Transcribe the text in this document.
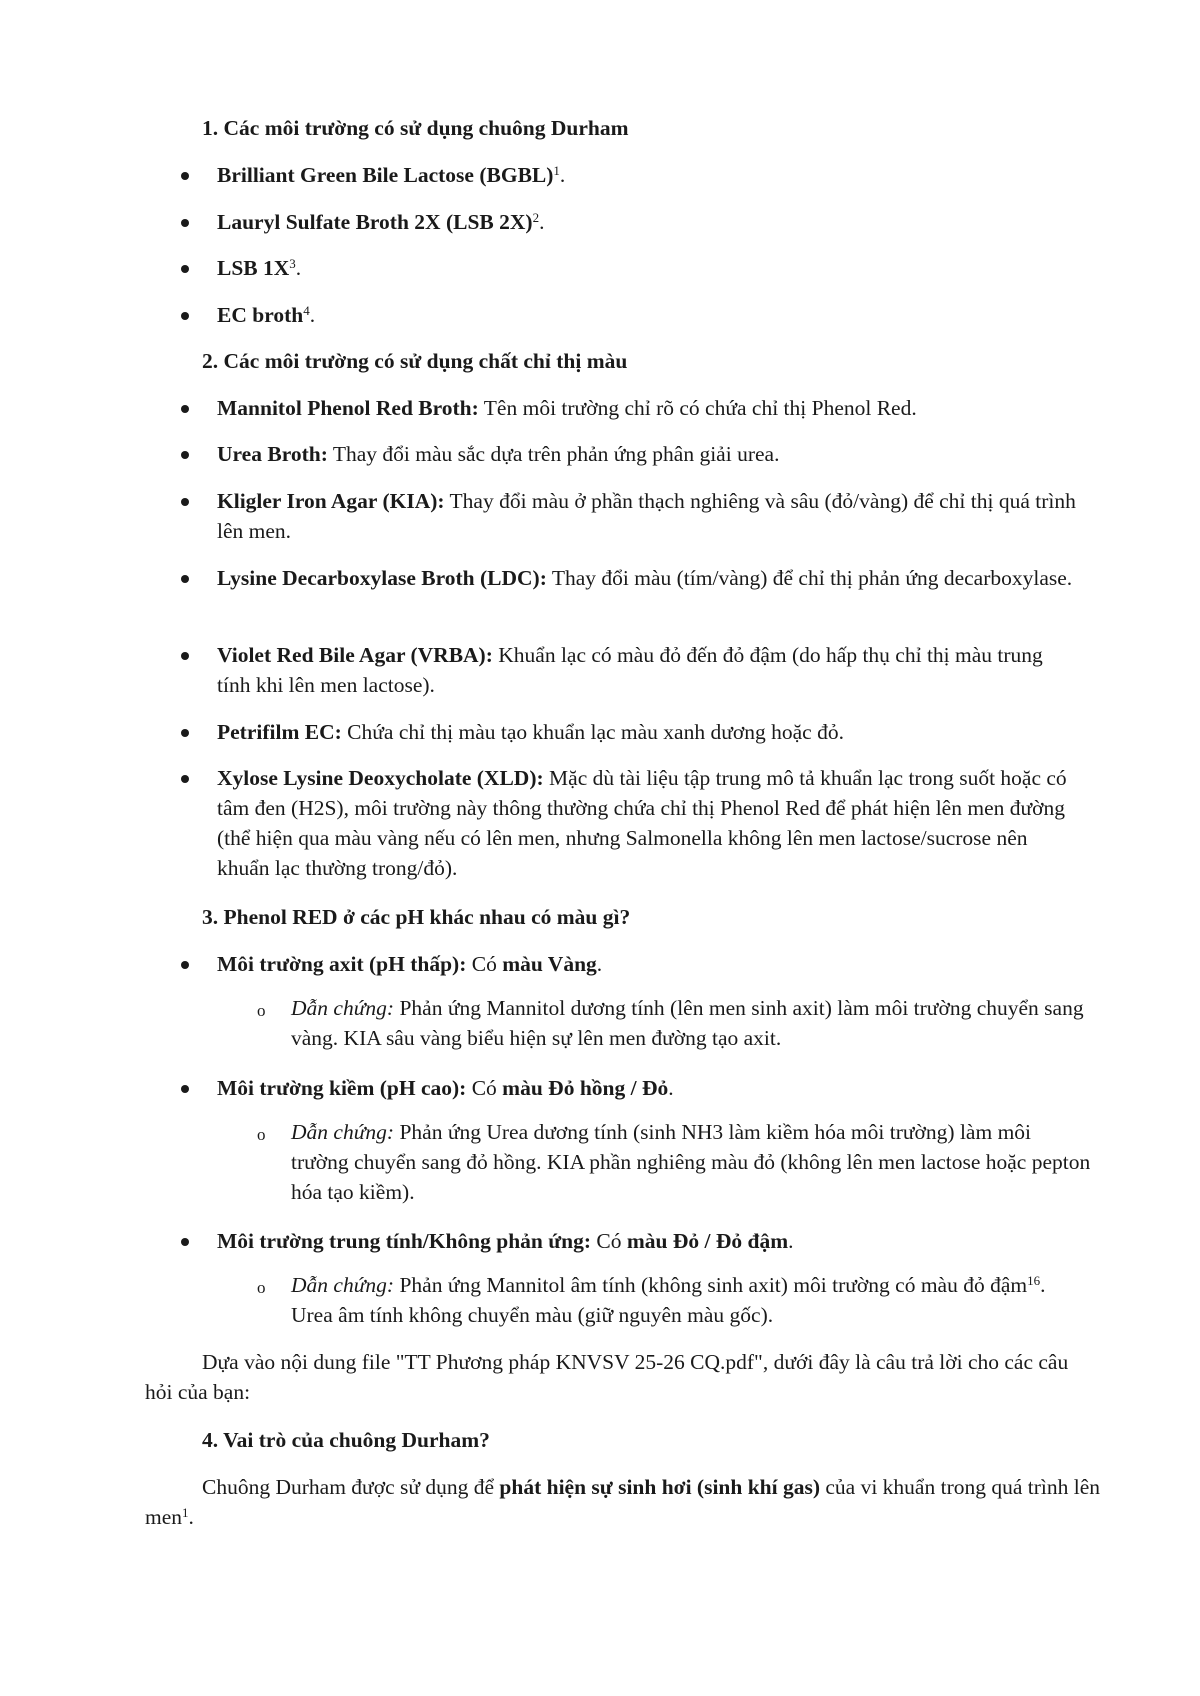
1. Các môi trường có sử dụng chuông Durham
Brilliant Green Bile Lactose (BGBL)$^1$.
Lauryl Sulfate Broth 2X (LSB 2X)$^2$.
LSB $1X^3$.
EC broth$^4$.
2. Các môi trường có sử dụng chất chỉ thị màu
Mannitol Phenol Red Broth: Tên môi trường chỉ rõ có chứa chỉ thị Phenol Red.
Urea Broth: Thay đổi màu sắc dựa trên phản ứng phân giải urea.
Kligler Iron Agar (KIA): Thay đổi màu ở phần thạch nghiêng và sâu (đỏ/vàng) để chỉ thị quá trình lên men.
Lysine Decarboxylase Broth (LDC): Thay đổi màu (tím/vàng) để chỉ thị phản ứng decarboxylase.
Violet Red Bile Agar (VRBA): Khuẩn lạc có màu đỏ đến đỏ đậm (do hấp thụ chỉ thị màu trung tính khi lên men lactose).
Petrifilm EC: Chứa chỉ thị màu tạo khuẩn lạc màu xanh dương hoặc đỏ.
Xylose Lysine Deoxycholate (XLD): Mặc dù tài liệu tập trung mô tả khuẩn lạc trong suốt hoặc có tâm đen (H2S), môi trường này thông thường chứa chỉ thị Phenol Red để phát hiện lên men đường (thể hiện qua màu vàng nếu có lên men, nhưng Salmonella không lên men lactose/sucrose nên khuẩn lạc thường trong/đỏ).
3. Phenol RED ở các pH khác nhau có màu gì?
Môi trường axit (pH thấp): Có màu Vàng.
o Dẫn chứng: Phản ứng Mannitol dương tính (lên men sinh axit) làm môi trường chuyển sang vàng. KIA sâu vàng biểu hiện sự lên men đường tạo axit.
Môi trường kiềm (pH cao): Có màu Đỏ hồng / Đỏ.
o Dẫn chứng: Phản ứng Urea dương tính (sinh NH3 làm kiềm hóa môi trường) làm môi trường chuyển sang đỏ hồng. KIA phần nghiêng màu đỏ (không lên men lactose hoặc pepton hóa tạo kiềm).
Môi trường trung tính/Không phản ứng: Có màu Đỏ / Đỏ đậm.
o Dẫn chứng: Phản ứng Mannitol âm tính (không sinh axit) môi trường có màu đỏ đậm$^{16}$. Urea âm tính không chuyển màu (giữ nguyên màu gốc).
Dựa vào nội dung file "TT Phương pháp KNVSV 25-26 CQ.pdf", dưới đây là câu trả lời cho các câu hỏi của bạn:
4. Vai trò của chuông Durham?
Chuông Durham được sử dụng để phát hiện sự sinh hơi (sinh khí gas) của vi khuẩn trong quá trình lên men$^1$.
